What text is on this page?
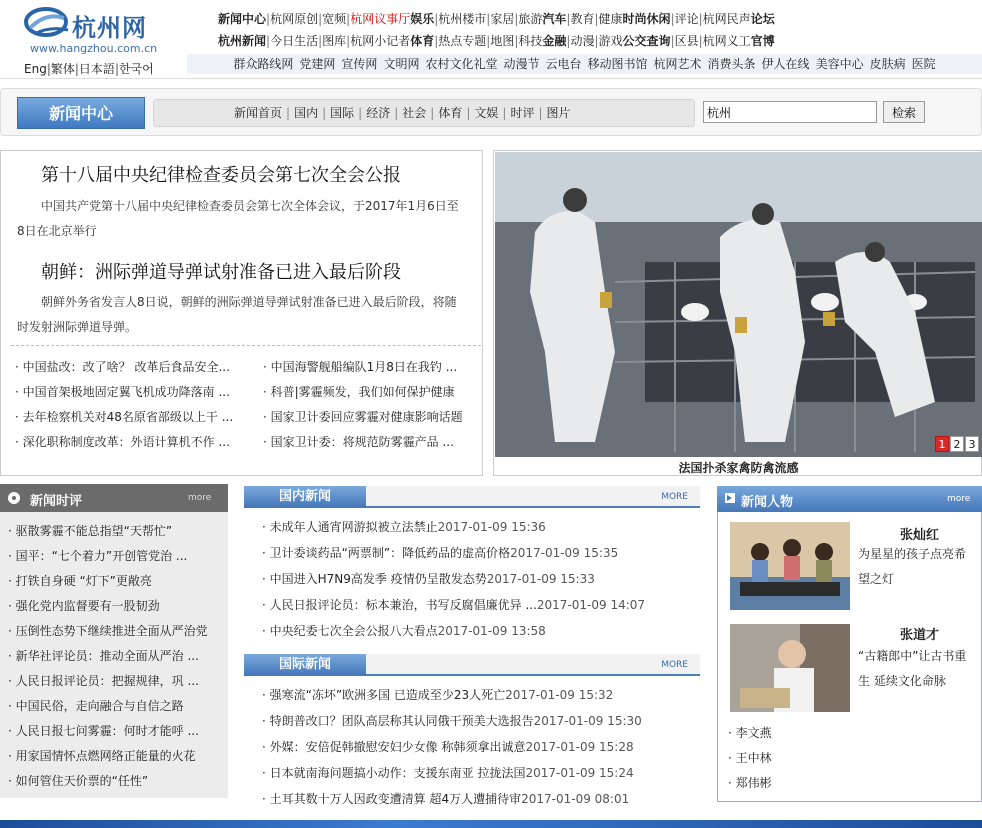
杭州网
www.hangzhou.com.cn
Eng|繁体|日本語|한국어
新闻中心|杭网原创|宽频|杭网议事厅娱乐|杭州楼市|家居|旅游汽车|教育|健康时尚休闲|评论|杭网民声论坛
杭州新闻|今日生活|图库|杭网小记者体育|热点专题|地图|科技金融|动漫|游戏公交查询|区县|杭网义工官博
群众路线网 党建网 宣传网 文明网 农村文化礼堂 动漫节 云电台 移动图书馆 杭网艺术 消费头条 伊人在线 美容中心 皮肤病 医院
新闻中心	新闻首页 | 国内 | 国际 | 经济 | 社会 | 体育 | 文娱 | 时评 | 图片
杭州	检索
第十八届中央纪律检查委员会第七次全会公报
中国共产党第十八届中央纪律检查委员会第七次全体会议，于2017年1月6日至8日在北京举行
朝鲜：洲际弹道导弹试射准备已进入最后阶段
朝鲜外务省发言人8日说，朝鲜的洲际弹道导弹试射准备已进入最后阶段，将随时发射洲际弹道导弹。
· 中国盐改：改了啥？ 改革后食品安全...
· 中国首架极地固定翼飞机成功降落南 ...
· 去年检察机关对48名原省部级以上干 ...
· 深化职称制度改革：外语计算机不作 ...
· 中国海警舰船编队1月8日在我钓 ...
· 科普|雾霾频发，我们如何保护健康
· 国家卫计委回应雾霾对健康影响话题
· 国家卫计委：将规范防雾霾产品 ...	1 2 3
法国扑杀家禽防禽流感
新闻时评	more
· 驱散雾霾不能总指望“天帮忙”
· 国平：“七个着力”开创管党治 ...
· 打铁自身硬 “灯下”更敞亮
· 强化党内监督要有一股韧劲
· 压倒性态势下继续推进全面从严治党
· 新华社评论员：推动全面从严治 ...
· 人民日报评论员：把握规律，巩 ...
· 中国民俗，走向融合与自信之路
· 人民日报七问雾霾：何时才能呼 ...
· 用家国情怀点燃网络正能量的火花
· 如何管住天价票的“任性”
国内新闻	MORE
· 未成年人通宵网游拟被立法禁止2017-01-09 15:36
· 卫计委谈药品“两票制”：降低药品的虚高价格2017-01-09 15:35
· 中国进入H7N9高发季 疫情仍呈散发态势2017-01-09 15:33
· 人民日报评论员：标本兼治，书写反腐倡廉优异 ...2017-01-09 14:07
· 中央纪委七次全会公报八大看点2017-01-09 13:58
国际新闻	MORE
· 强寒流“冻坏”欧洲多国 已造成至少23人死亡2017-01-09 15:32
· 特朗普改口？团队高层称其认同俄干预美大选报告2017-01-09 15:30
· 外媒：安倍促韩撤慰安妇少女像 称韩须拿出诚意2017-01-09 15:28
· 日本就南海问题搞小动作：支援东南亚 拉拢法国2017-01-09 15:24
· 土耳其数十万人因政变遭清算 超4万人遭捕待审2017-01-09 08:01
新闻人物	more
张灿红
为星星的孩子点亮希望之灯
张道才
“古籍郎中”让古书重生 延续文化命脉
· 李文燕
· 王中林
· 郑伟彬
